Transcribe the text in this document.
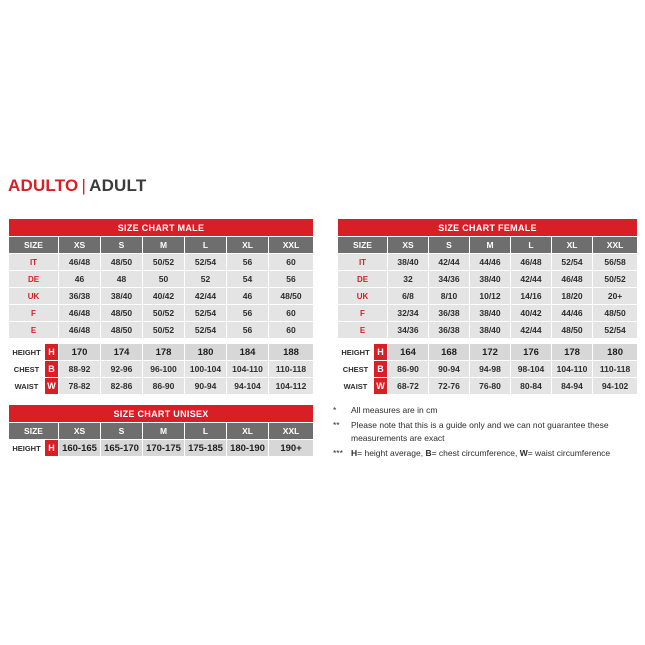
ADULTO | ADULT
SIZE CHART MALE							
SIZE		XS	S	M	L	XL	XXL
IT		46/48	48/50	50/52	52/54	56	60
DE		46	48	50	52	54	56
UK		36/38	38/40	40/42	42/44	46	48/50
F		46/48	48/50	50/52	52/54	56	60
E		46/48	48/50	50/52	52/54	56	60

HEIGHT	H	170	174	178	180	184	188
CHEST	B	88-92	92-96	96-100	100-104	104-110	110-118
WAIST	W	78-82	82-86	86-90	90-94	94-104	104-112
SIZE CHART FEMALE							
SIZE		XS	S	M	L	XL	XXL
IT		38/40	42/44	44/46	46/48	52/54	56/58
DE		32	34/36	38/40	42/44	46/48	50/52
UK		6/8	8/10	10/12	14/16	18/20	20+
F		32/34	36/38	38/40	40/42	44/46	48/50
E		34/36	36/38	38/40	42/44	48/50	52/54

HEIGHT	H	164	168	172	176	178	180
CHEST	B	86-90	90-94	94-98	98-104	104-110	110-118
WAIST	W	68-72	72-76	76-80	80-84	84-94	94-102
SIZE CHART UNISEX							
SIZE		XS	S	M	L	XL	XXL
HEIGHT	H	160-165	165-170	170-175	175-185	180-190	190+
*	All measures are in cm
**	Please note that this is a guide only and we can not guarantee these measurements are exact
*** H= height average, B= chest circumference, W= waist circumference
